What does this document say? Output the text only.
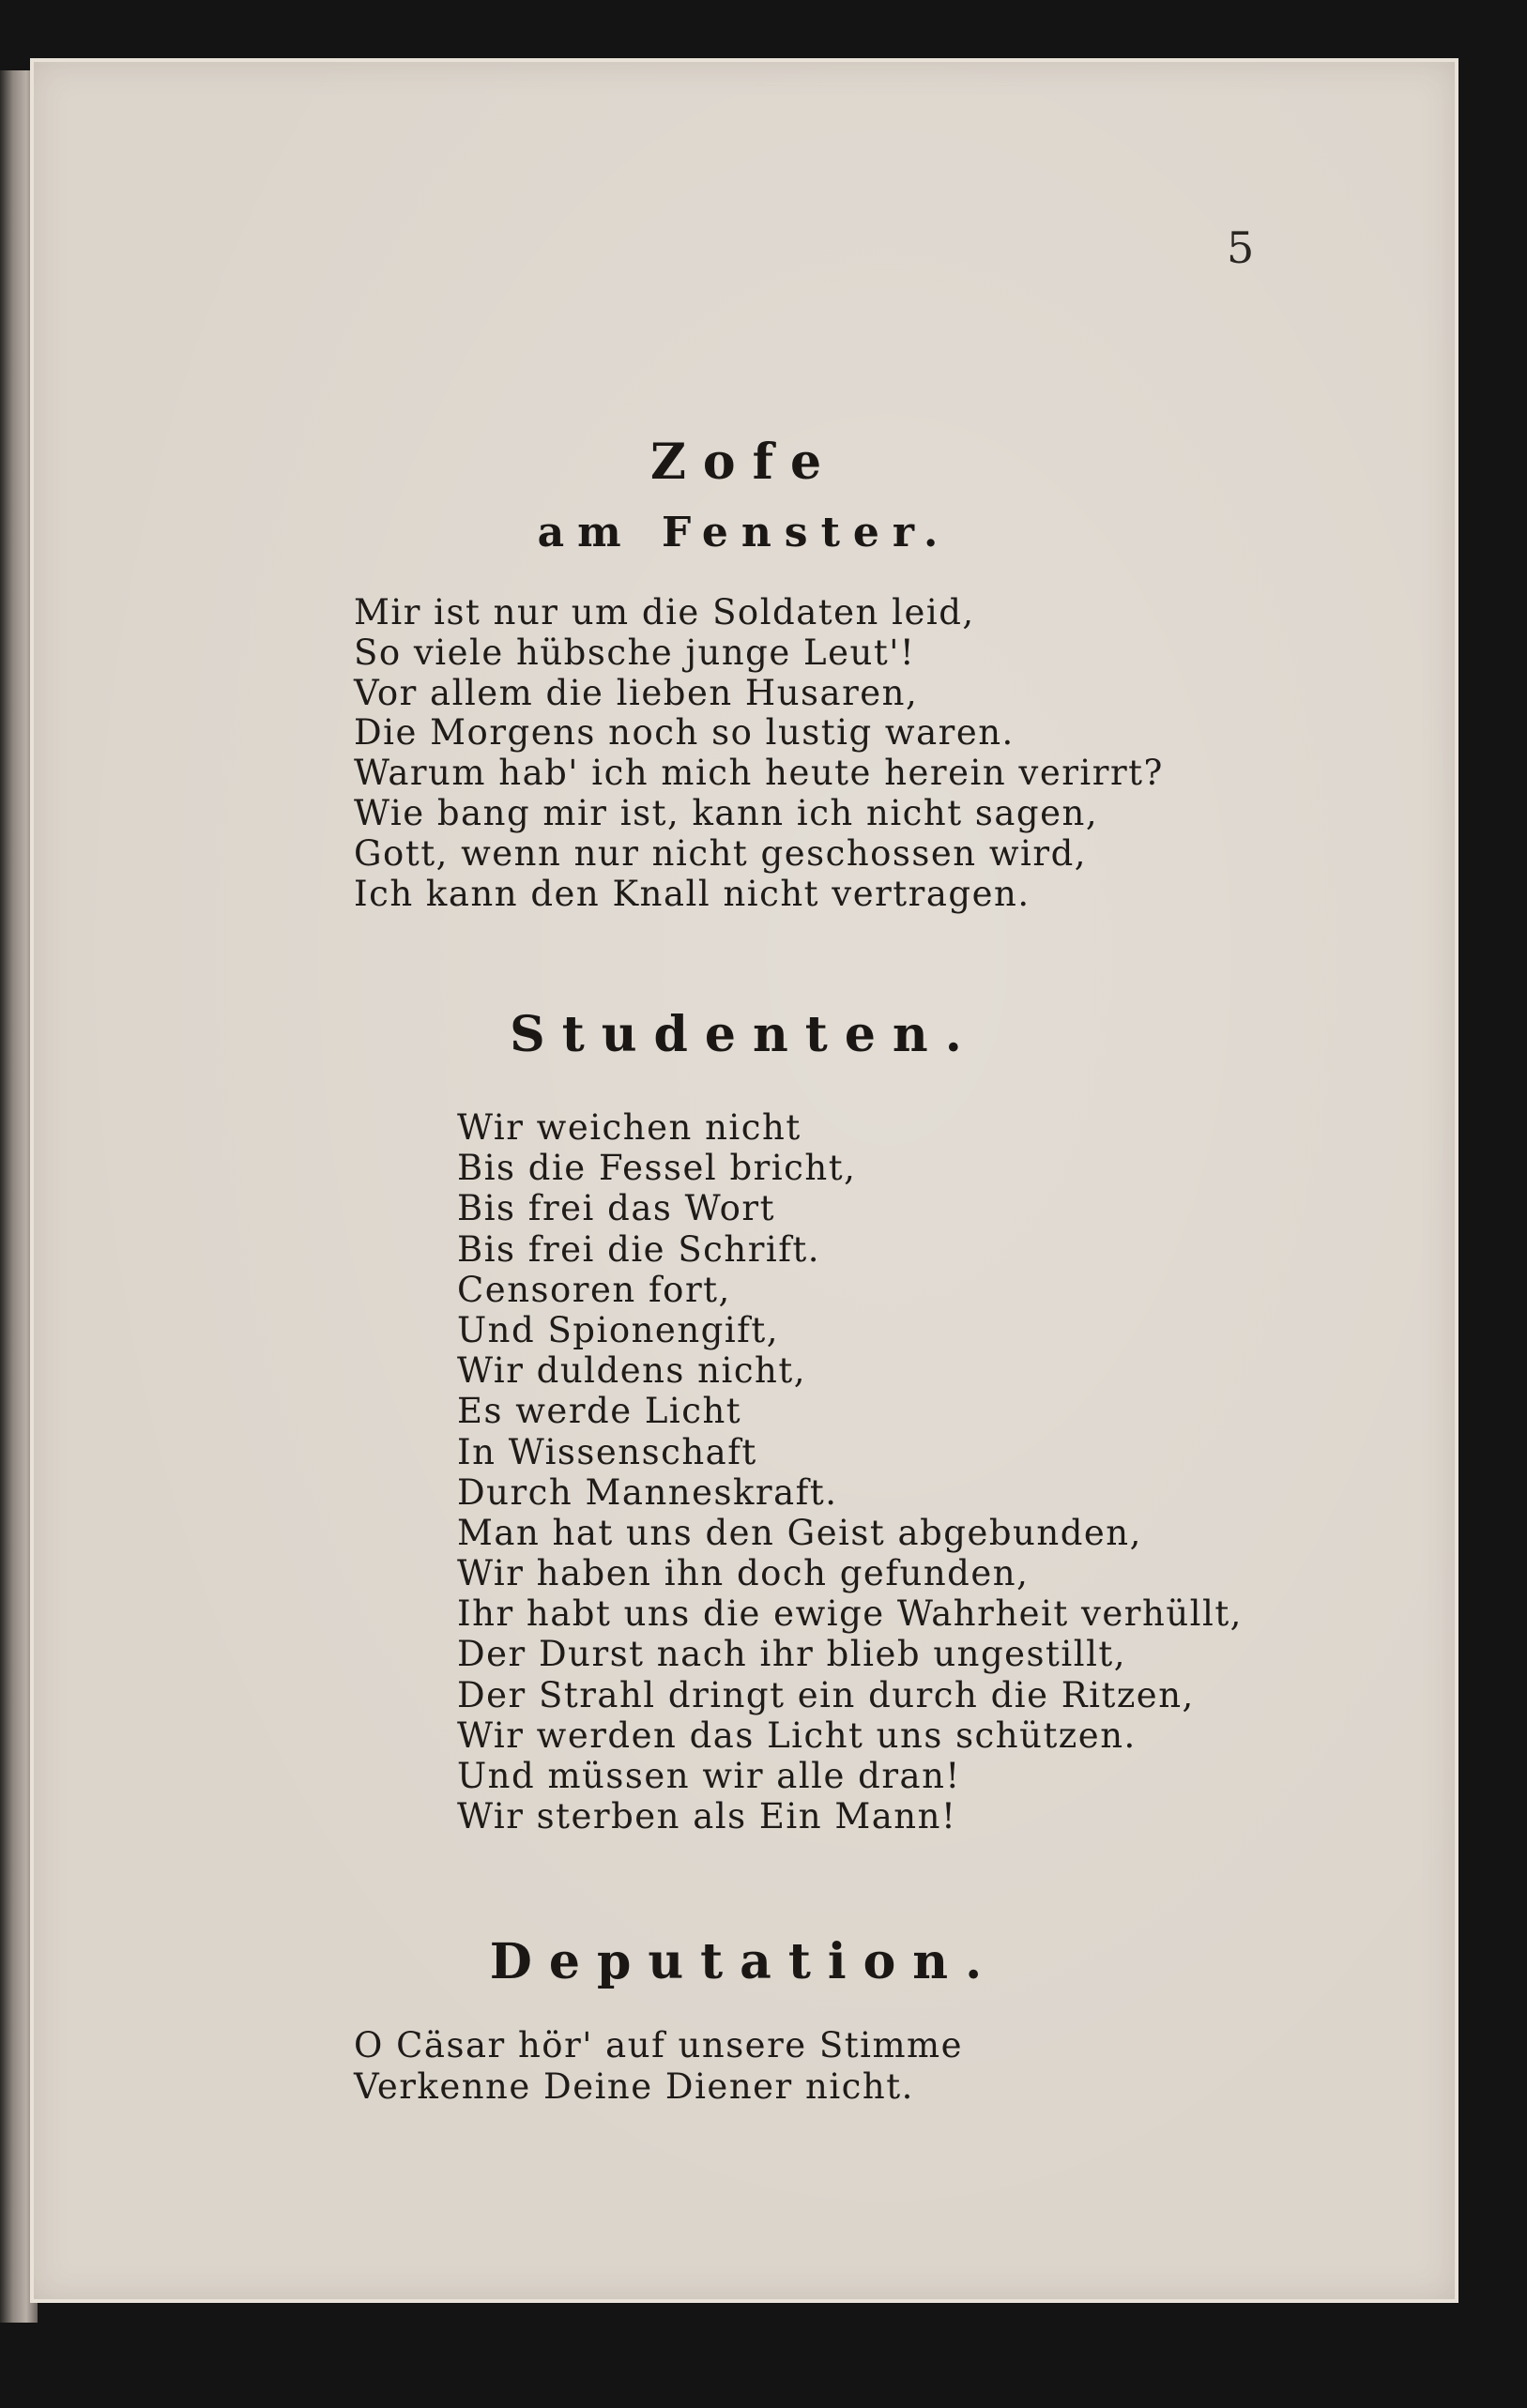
5
Zofe
am Fenster.
Mir ist nur um die Soldaten leid,
So viele hübsche junge Leut'!
Vor allem die lieben Husaren,
Die Morgens noch so lustig waren.
Warum hab' ich mich heute herein verirrt?
Wie bang mir ist, kann ich nicht sagen,
Gott, wenn nur nicht geschossen wird,
Ich kann den Knall nicht vertragen.
Studenten.
Wir weichen nicht
Bis die Fessel bricht,
Bis frei das Wort
Bis frei die Schrift.
Censoren fort,
Und Spionengift,
Wir duldens nicht,
Es werde Licht
In Wissenschaft
Durch Manneskraft.
Man hat uns den Geist abgebunden,
Wir haben ihn doch gefunden,
Ihr habt uns die ewige Wahrheit verhüllt,
Der Durst nach ihr blieb ungestillt,
Der Strahl dringt ein durch die Ritzen,
Wir werden das Licht uns schützen.
Und müssen wir alle dran!
Wir sterben als Ein Mann!
Deputation.
O Cäsar hör' auf unsere Stimme
Verkenne Deine Diener nicht.
